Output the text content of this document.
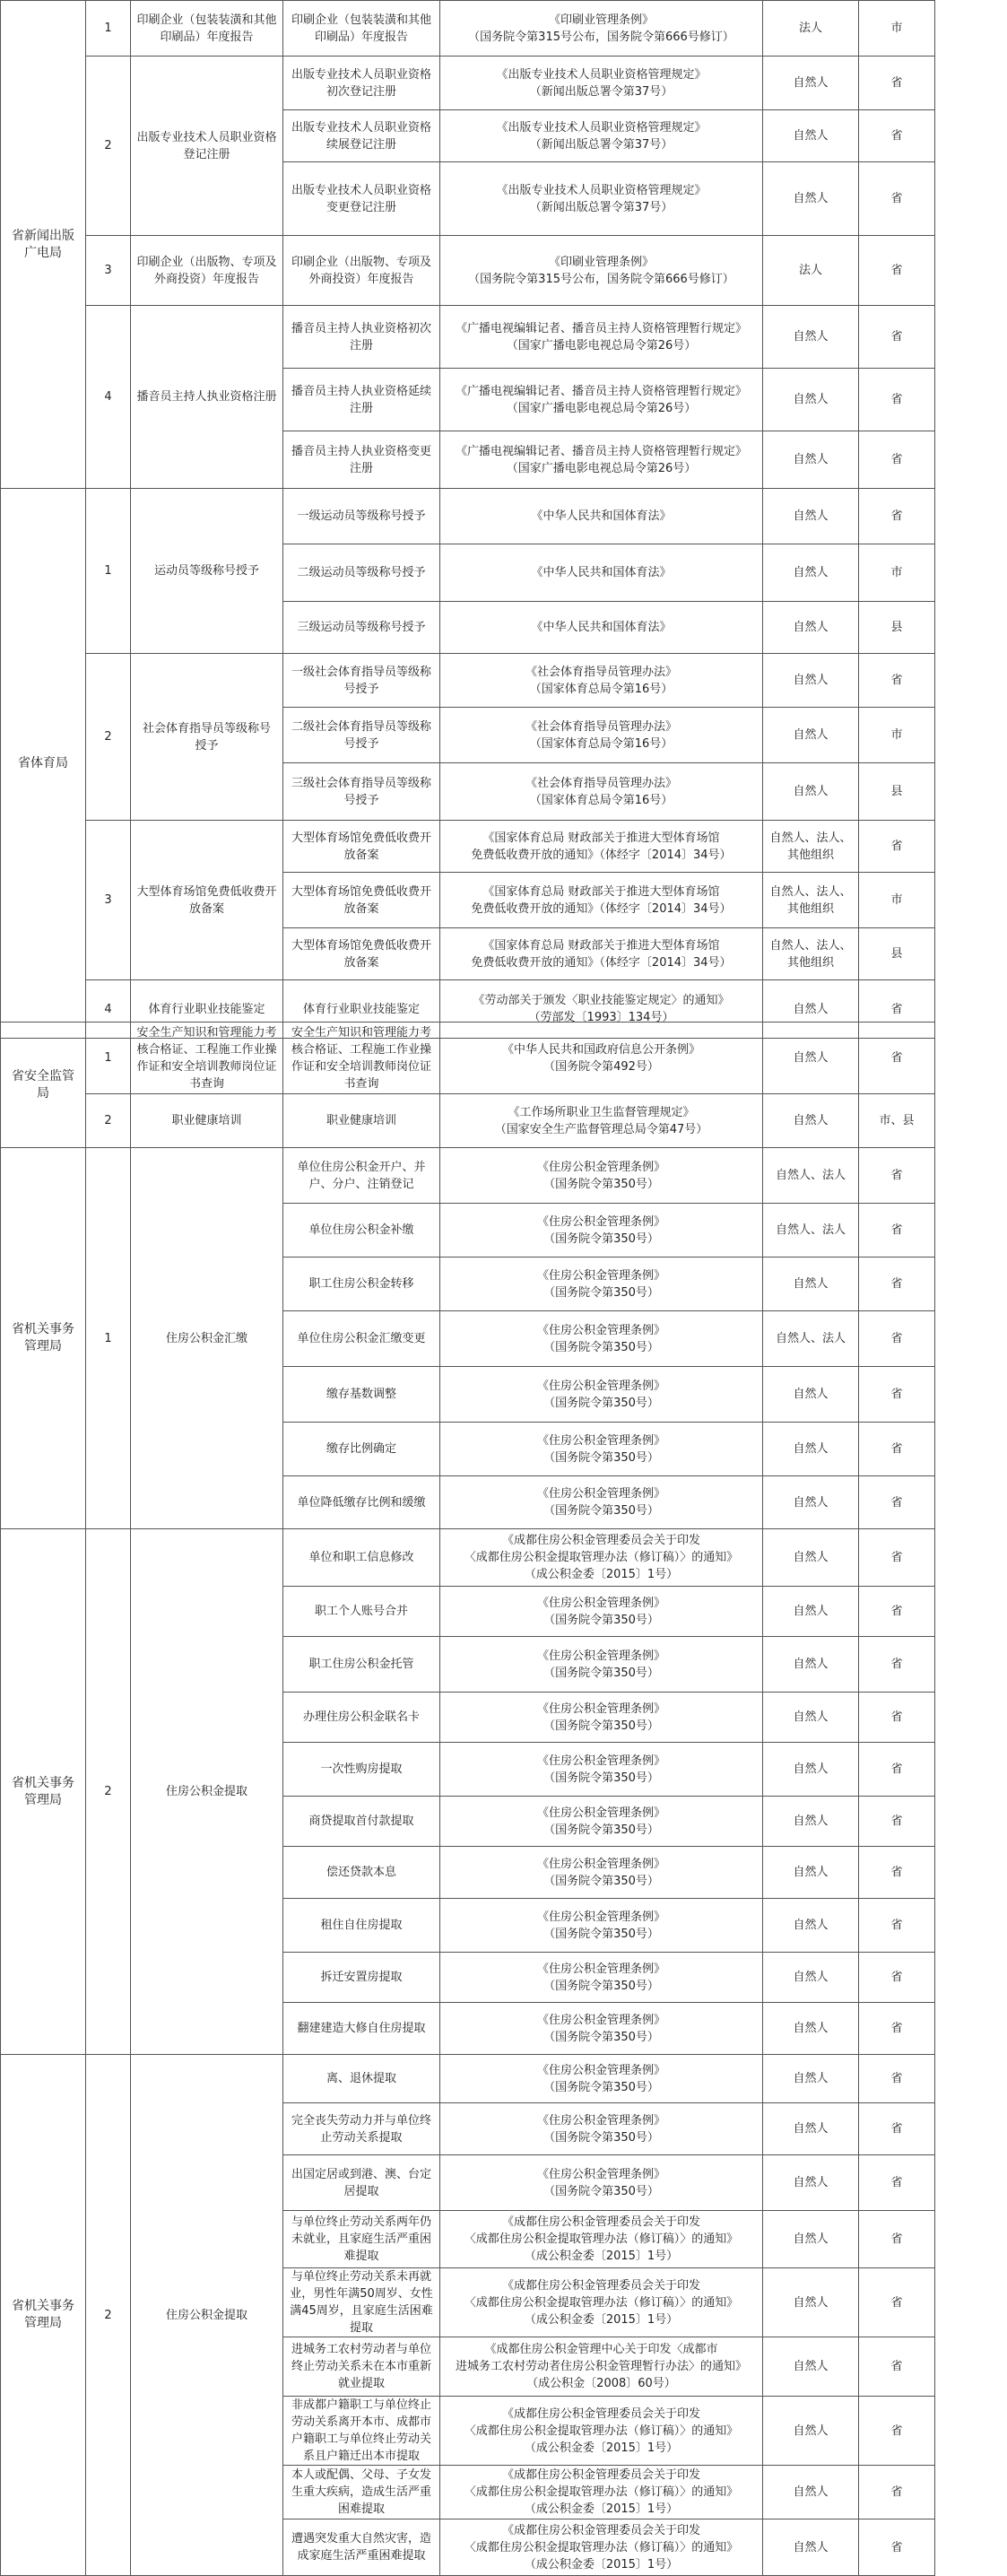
省新闻出版广电局	1	印刷企业（包装装潢和其他印刷品）年度报告	印刷企业（包装装潢和其他印刷品）年度报告	《印刷业管理条例》
（国务院令第315号公布，国务院令第666号修订）	法人	市
	2	出版专业技术人员职业资格登记注册	出版专业技术人员职业资格初次登记注册	《出版专业技术人员职业资格管理规定》
（新闻出版总署令第37号）	自然人	省
			出版专业技术人员职业资格续展登记注册	《出版专业技术人员职业资格管理规定》
（新闻出版总署令第37号）	自然人	省
			出版专业技术人员职业资格变更登记注册	《出版专业技术人员职业资格管理规定》
（新闻出版总署令第37号）	自然人	省
	3	印刷企业（出版物、专项及外商投资）年度报告	印刷企业（出版物、专项及外商投资）年度报告	《印刷业管理条例》
（国务院令第315号公布，国务院令第666号修订）	法人	省
	4	播音员主持人执业资格注册	播音员主持人执业资格初次注册	《广播电视编辑记者、播音员主持人资格管理暂行规定》
（国家广播电影电视总局令第26号）	自然人	省
			播音员主持人执业资格延续注册	《广播电视编辑记者、播音员主持人资格管理暂行规定》
（国家广播电影电视总局令第26号）	自然人	省
			播音员主持人执业资格变更注册	《广播电视编辑记者、播音员主持人资格管理暂行规定》
（国家广播电影电视总局令第26号）	自然人	省
省体育局	1	运动员等级称号授予	一级运动员等级称号授予	《中华人民共和国体育法》	自然人	省
			二级运动员等级称号授予	《中华人民共和国体育法》	自然人	市
			三级运动员等级称号授予	《中华人民共和国体育法》	自然人	县
	2	社会体育指导员等级称号 授予	一级社会体育指导员等级称号授予	《社会体育指导员管理办法》
（国家体育总局令第16号）	自然人	省
			二级社会体育指导员等级称号授予	《社会体育指导员管理办法》
（国家体育总局令第16号）	自然人	市
			三级社会体育指导员等级称号授予	《社会体育指导员管理办法》
（国家体育总局令第16号）	自然人	县
	3	大型体育场馆免费低收费开放备案	大型体育场馆免费低收费开放备案	《国家体育总局 财政部关于推进大型体育场馆
免费低收费开放的通知》（体经字〔2014〕34号）	自然人、法人、其他组织	省
			大型体育场馆免费低收费开放备案	《国家体育总局 财政部关于推进大型体育场馆
免费低收费开放的通知》（体经字〔2014〕34号）	自然人、法人、其他组织	市
			大型体育场馆免费低收费开放备案	《国家体育总局 财政部关于推进大型体育场馆
免费低收费开放的通知》（体经字〔2014〕34号）	自然人、法人、其他组织	县
	4	体育行业职业技能鉴定	体育行业职业技能鉴定	《劳动部关于颁发〈职业技能鉴定规定〉的通知》
（劳部发〔1993〕134号）	自然人	省
省安全监管局	1	安全生产知识和管理能力考核合格证、工程施工作业操作证和安全培训教师岗位证书查询	安全生产知识和管理能力考核合格证、工程施工作业操作证和安全培训教师岗位证书查询	《中华人民共和国政府信息公开条例》
（国务院令第492号）	自然人	省
	2	职业健康培训	职业健康培训	《工作场所职业卫生监督管理规定》
（国家安全生产监督管理总局令第47号）	自然人	市、县
省机关事务管理局	1	住房公积金汇缴	单位住房公积金开户、并户、分户、注销登记	《住房公积金管理条例》
（国务院令第350号）	自然人、法人	省
			单位住房公积金补缴	《住房公积金管理条例》
（国务院令第350号）	自然人、法人	省
			职工住房公积金转移	《住房公积金管理条例》
（国务院令第350号）	自然人	省
			单位住房公积金汇缴变更	《住房公积金管理条例》
（国务院令第350号）	自然人、法人	省
			缴存基数调整	《住房公积金管理条例》
（国务院令第350号）	自然人	省
			缴存比例确定	《住房公积金管理条例》
（国务院令第350号）	自然人	省
			单位降低缴存比例和缓缴	《住房公积金管理条例》
（国务院令第350号）	自然人	省
省机关事务管理局	2	住房公积金提取	单位和职工信息修改	《成都住房公积金管理委员会关于印发
〈成都住房公积金提取管理办法（修订稿）〉的通知》
（成公积金委〔2015〕1号）	自然人	省
			职工个人账号合并	《住房公积金管理条例》
（国务院令第350号）	自然人	省
			职工住房公积金托管	《住房公积金管理条例》
（国务院令第350号）	自然人	省
			办理住房公积金联名卡	《住房公积金管理条例》
（国务院令第350号）	自然人	省
			一次性购房提取	《住房公积金管理条例》
（国务院令第350号）	自然人	省
			商贷提取首付款提取	《住房公积金管理条例》
（国务院令第350号）	自然人	省
			偿还贷款本息	《住房公积金管理条例》
（国务院令第350号）	自然人	省
			租住自住房提取	《住房公积金管理条例》
（国务院令第350号）	自然人	省
			拆迁安置房提取	《住房公积金管理条例》
（国务院令第350号）	自然人	省
			翻建建造大修自住房提取	《住房公积金管理条例》
（国务院令第350号）	自然人	省
省机关事务管理局	2	住房公积金提取	离、退休提取	《住房公积金管理条例》
（国务院令第350号）	自然人	省
			完全丧失劳动力并与单位终止劳动关系提取	《住房公积金管理条例》
（国务院令第350号）	自然人	省
			出国定居或到港、澳、台定居提取	《住房公积金管理条例》
（国务院令第350号）	自然人	省
			与单位终止劳动关系两年仍未就业，且家庭生活严重困难提取	《成都住房公积金管理委员会关于印发
〈成都住房公积金提取管理办法（修订稿）〉的通知》
（成公积金委〔2015〕1号）	自然人	省
			与单位终止劳动关系未再就业，男性年满50周岁、女性满45周岁，且家庭生活困难提取	《成都住房公积金管理委员会关于印发
〈成都住房公积金提取管理办法（修订稿）〉的通知》
（成公积金委〔2015〕1号）	自然人	省
			进城务工农村劳动者与单位终止劳动关系未在本市重新就业提取	《成都住房公积金管理中心关于印发〈成都市
进城务工农村劳动者住房公积金管理暂行办法〉的通知》
（成公积金〔2008〕60号）	自然人	省
			非成都户籍职工与单位终止劳动关系离开本市、成都市户籍职工与单位终止劳动关系且户籍迁出本市提取	《成都住房公积金管理委员会关于印发
〈成都住房公积金提取管理办法（修订稿）〉的通知》
（成公积金委〔2015〕1号）	自然人	省
			本人或配偶、父母、子女发生重大疾病，造成生活严重困难提取	《成都住房公积金管理委员会关于印发
〈成都住房公积金提取管理办法（修订稿）〉的通知》
（成公积金委〔2015〕1号）	自然人	省
			遭遇突发重大自然灾害，造成家庭生活严重困难提取	《成都住房公积金管理委员会关于印发
〈成都住房公积金提取管理办法（修订稿）〉的通知》
（成公积金委〔2015〕1号）	自然人	省
